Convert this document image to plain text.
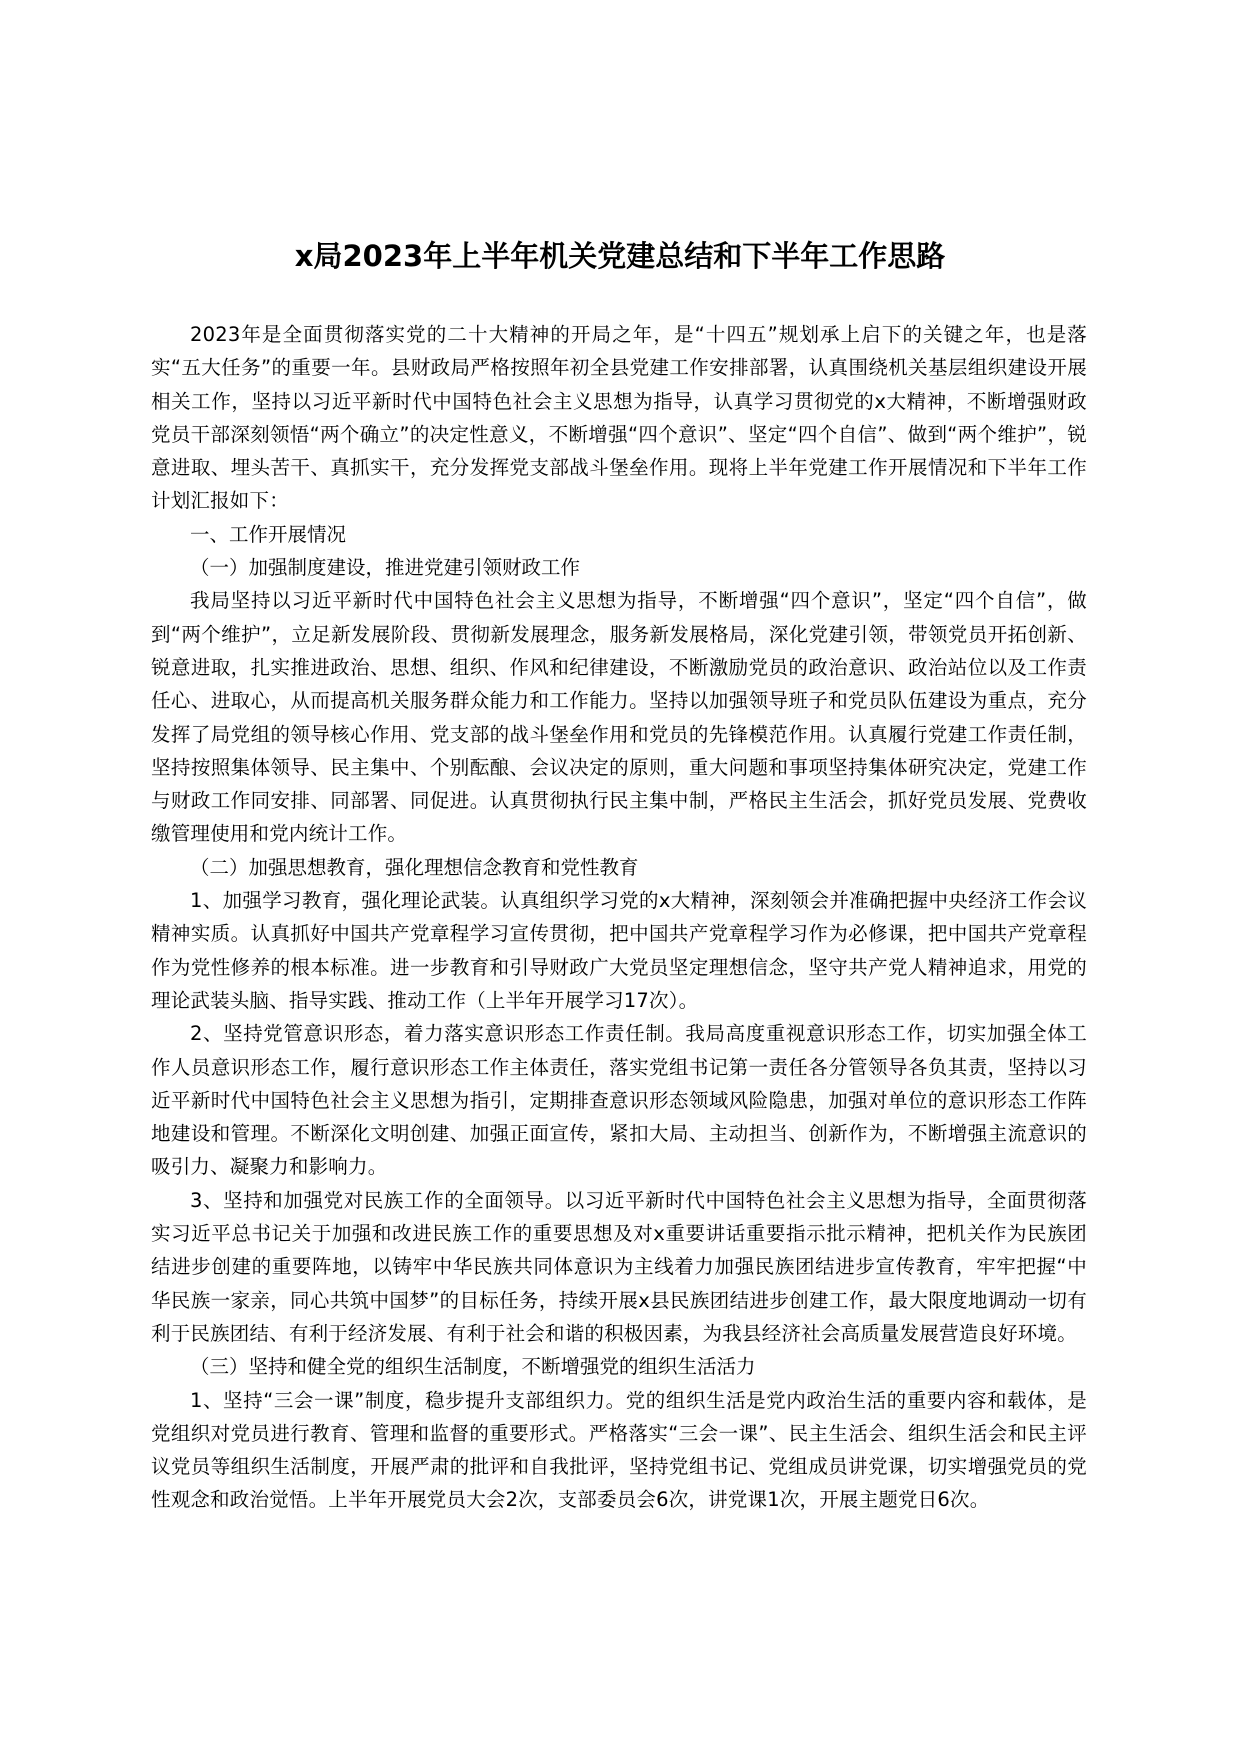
x局2023年上半年机关党建总结和下半年工作思路

2023年是全面贯彻落实党的二十大精神的开局之年，是“十四五”规划承上启下的关键之年，也是落实“五大任务”的重要一年。县财政局严格按照年初全县党建工作安排部署，认真围绕机关基层组织建设开展相关工作，坚持以习近平新时代中国特色社会主义思想为指导，认真学习贯彻党的x大精神，不断增强财政党员干部深刻领悟“两个确立”的决定性意义，不断增强“四个意识”、坚定“四个自信”、做到“两个维护”，锐意进取、埋头苦干、真抓实干，充分发挥党支部战斗堡垒作用。现将上半年党建工作开展情况和下半年工作计划汇报如下：

一、工作开展情况

（一）加强制度建设，推进党建引领财政工作

我局坚持以习近平新时代中国特色社会主义思想为指导，不断增强“四个意识”，坚定“四个自信”，做到“两个维护”，立足新发展阶段、贯彻新发展理念，服务新发展格局，深化党建引领，带领党员开拓创新、锐意进取，扎实推进政治、思想、组织、作风和纪律建设，不断激励党员的政治意识、政治站位以及工作责任心、进取心，从而提高机关服务群众能力和工作能力。坚持以加强领导班子和党员队伍建设为重点，充分发挥了局党组的领导核心作用、党支部的战斗堡垒作用和党员的先锋模范作用。认真履行党建工作责任制，坚持按照集体领导、民主集中、个别酝酿、会议决定的原则，重大问题和事项坚持集体研究决定，党建工作与财政工作同安排、同部署、同促进。认真贯彻执行民主集中制，严格民主生活会，抓好党员发展、党费收缴管理使用和党内统计工作。

（二）加强思想教育，强化理想信念教育和党性教育

1、加强学习教育，强化理论武装。认真组织学习党的x大精神，深刻领会并准确把握中央经济工作会议精神实质。认真抓好中国共产党章程学习宣传贯彻，把中国共产党章程学习作为必修课，把中国共产党章程作为党性修养的根本标准。进一步教育和引导财政广大党员坚定理想信念，坚守共产党人精神追求，用党的理论武装头脑、指导实践、推动工作（上半年开展学习17次）。

2、坚持党管意识形态，着力落实意识形态工作责任制。我局高度重视意识形态工作，切实加强全体工作人员意识形态工作，履行意识形态工作主体责任，落实党组书记第一责任各分管领导各负其责，坚持以习近平新时代中国特色社会主义思想为指引，定期排查意识形态领域风险隐患，加强对单位的意识形态工作阵地建设和管理。不断深化文明创建、加强正面宣传，紧扣大局、主动担当、创新作为，不断增强主流意识的吸引力、凝聚力和影响力。

3、坚持和加强党对民族工作的全面领导。以习近平新时代中国特色社会主义思想为指导，全面贯彻落实习近平总书记关于加强和改进民族工作的重要思想及对x重要讲话重要指示批示精神，把机关作为民族团结进步创建的重要阵地，以铸牢中华民族共同体意识为主线着力加强民族团结进步宣传教育，牢牢把握“中华民族一家亲，同心共筑中国梦”的目标任务，持续开展x县民族团结进步创建工作，最大限度地调动一切有利于民族团结、有利于经济发展、有利于社会和谐的积极因素，为我县经济社会高质量发展营造良好环境。

（三）坚持和健全党的组织生活制度，不断增强党的组织生活活力

1、坚持“三会一课”制度，稳步提升支部组织力。党的组织生活是党内政治生活的重要内容和载体，是党组织对党员进行教育、管理和监督的重要形式。严格落实“三会一课”、民主生活会、组织生活会和民主评议党员等组织生活制度，开展严肃的批评和自我批评，坚持党组书记、党组成员讲党课，切实增强党员的党性观念和政治觉悟。上半年开展党员大会2次，支部委员会6次，讲党课1次，开展主题党日6次。
